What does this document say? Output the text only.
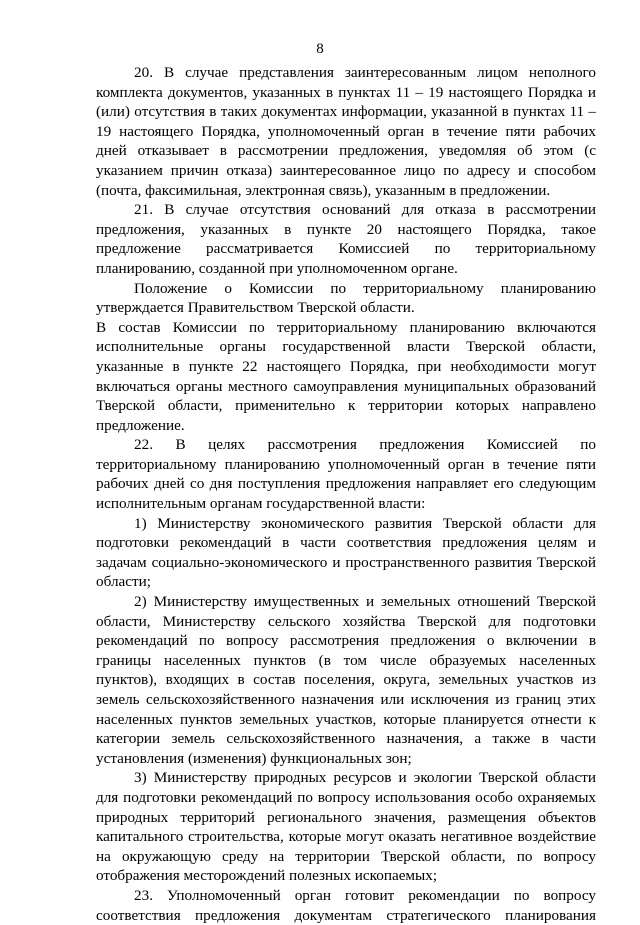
8

20. В случае представления заинтересованным лицом неполного комплекта документов, указанных в пунктах 11 – 19 настоящего Порядка и (или) отсутствия в таких документах информации, указанной в пунктах 11 – 19 настоящего Порядка, уполномоченный орган в течение пяти рабочих дней отказывает в рассмотрении предложения, уведомляя об этом (с указанием причин отказа) заинтересованное лицо по адресу и способом (почта, факсимильная, электронная связь), указанным в предложении.

21. В случае отсутствия оснований для отказа в рассмотрении предложения, указанных в пункте 20 настоящего Порядка, такое предложение рассматривается Комиссией по территориальному планированию, созданной при уполномоченном органе.

Положение о Комиссии по территориальному планированию утверждается Правительством Тверской области.

В состав Комиссии по территориальному планированию включаются исполнительные органы государственной власти Тверской области, указанные в пункте 22 настоящего Порядка, при необходимости могут включаться органы местного самоуправления муниципальных образований Тверской области, применительно к территории которых направлено предложение.

22. В целях рассмотрения предложения Комиссией по территориальному планированию уполномоченный орган в течение пяти рабочих дней со дня поступления предложения направляет его следующим исполнительным органам государственной власти:

1) Министерству экономического развития Тверской области для подготовки рекомендаций в части соответствия предложения целям и задачам социально-экономического и пространственного развития Тверской области;

2) Министерству имущественных и земельных отношений Тверской области, Министерству сельского хозяйства Тверской для подготовки рекомендаций по вопросу рассмотрения предложения о включении в границы населенных пунктов (в том числе образуемых населенных пунктов), входящих в состав поселения, округа, земельных участков из земель сельскохозяйственного назначения или исключения из границ этих населенных пунктов земельных участков, которые планируется отнести к категории земель сельскохозяйственного назначения, а также в части установления (изменения) функциональных зон;

3) Министерству природных ресурсов и экологии Тверской области для подготовки рекомендаций по вопросу использования особо охраняемых природных территорий регионального значения, размещения объектов капитального строительства, которые могут оказать негативное воздействие на окружающую среду на территории Тверской области, по вопросу отображения месторождений полезных ископаемых;

23. Уполномоченный орган готовит рекомендации по вопросу соответствия предложения документам стратегического планирования
